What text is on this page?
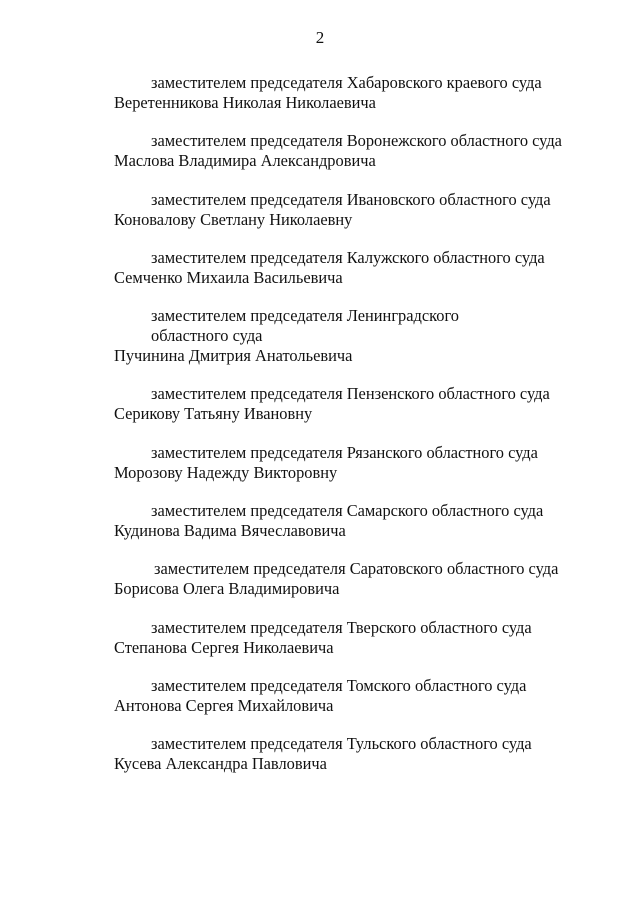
2
заместителем председателя Хабаровского краевого суда
Веретенникова Николая Николаевича
заместителем председателя Воронежского областного суда
Маслова Владимира Александровича
заместителем председателя Ивановского областного суда
Коновалову Светлану Николаевну
заместителем председателя Калужского областного суда
Семченко Михаила Васильевича
заместителем председателя Ленинградского
областного суда
Пучинина Дмитрия Анатольевича
заместителем председателя Пензенского областного суда
Серикову Татьяну Ивановну
заместителем председателя Рязанского областного суда
Морозову Надежду Викторовну
заместителем председателя Самарского областного суда
Кудинова Вадима Вячеславовича
заместителем председателя Саратовского областного суда
Борисова Олега Владимировича
заместителем председателя Тверского областного суда
Степанова Сергея Николаевича
заместителем председателя Томского областного суда
Антонова Сергея Михайловича
заместителем председателя Тульского областного суда
Кусева Александра Павловича
